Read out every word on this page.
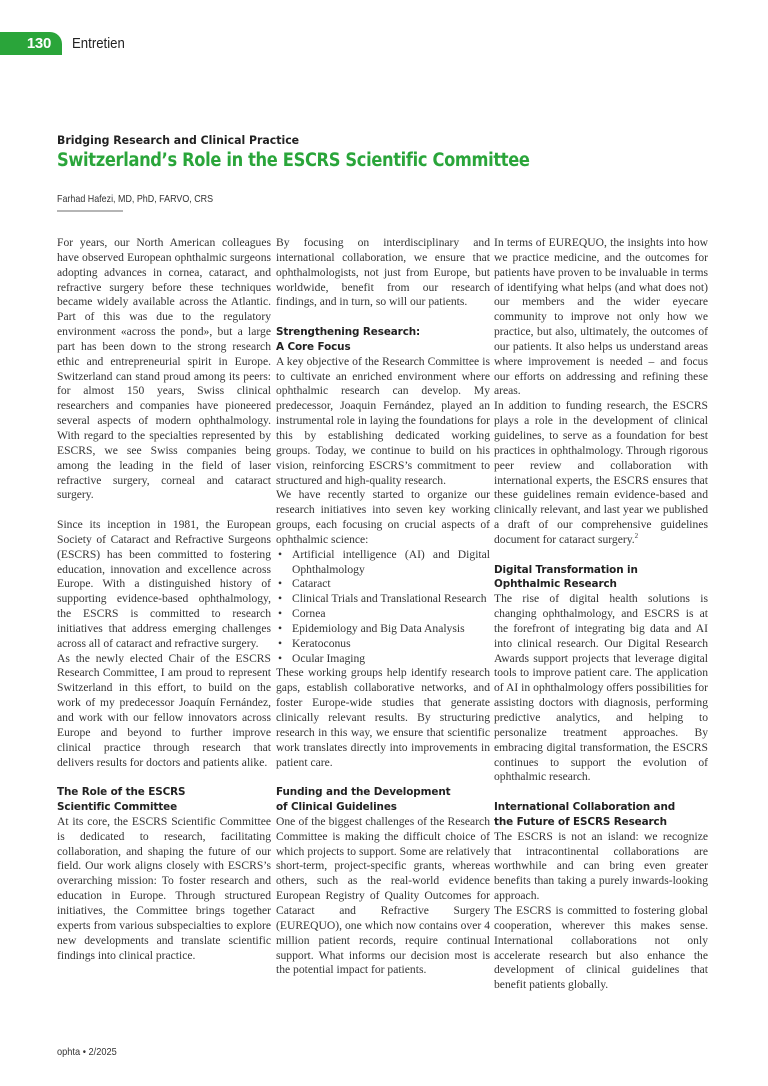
130 Entretien
Bridging Research and Clinical Practice
Switzerland’s Role in the ESCRS Scientific Committee
Farhad Hafezi, MD, PhD, FARVO, CRS

For years, our North American colleagues have observed European ophthalmic surgeons adopting advances in cornea, cataract, and refractive surgery before these techniques became widely available across the Atlantic. Part of this was due to the regulatory environment «across the pond», but a large part has been down to the strong research ethic and entrepreneurial spirit in Europe. Switzerland can stand proud among its peers: for almost 150 years, Swiss clinical researchers and companies have pioneered several aspects of modern ophthalmology. With regard to the specialties represented by ESCRS, we see Swiss companies being among the leading in the field of laser refractive surgery, corneal and cataract surgery.

Since its inception in 1981, the European Society of Cataract and Refractive Surgeons (ESCRS) has been committed to fostering education, innovation and excellence across Europe. With a distinguished history of supporting evidence-based ophthalmology, the ESCRS is committed to research initiatives that address emerging challenges across all of cataract and refractive surgery.

As the newly elected Chair of the ESCRS Research Committee, I am proud to represent Switzerland in this effort, to build on the work of my predecessor Joaquín Fernández, and work with our fellow innovators across Europe and beyond to further improve clinical practice through research that delivers results for doctors and patients alike.

The Role of the ESCRS
Scientific Committee

At its core, the ESCRS Scientific Committee is dedicated to research, facilitating collaboration, and shaping the future of our field. Our work aligns closely with ESCRS’s overarching mission: To foster research and education in Europe. Through structured initiatives, the Committee brings together experts from various subspecialties to explore new developments and translate scientific findings into clinical practice.

By focusing on interdisciplinary and international collaboration, we ensure that ophthalmologists, not just from Europe, but worldwide, benefit from our research findings, and in turn, so will our patients.

Strengthening Research:
A Core Focus

A key objective of the Research Committee is to cultivate an enriched environment where ophthalmic research can develop. My predecessor, Joaquin Fernández, played an instrumental role in laying the foundations for this by establishing dedicated working groups. Today, we continue to build on his vision, reinforcing ESCRS’s commitment to structured and high-quality research.

We have recently started to organize our research initiatives into seven key working groups, each focusing on crucial aspects of ophthalmic science:

• Artificial intelligence (AI) and Digital Ophthalmology
• Cataract
• Clinical Trials and Translational Research
• Cornea
• Epidemiology and Big Data Analysis
• Keratoconus
• Ocular Imaging

These working groups help identify research gaps, establish collaborative networks, and foster Europe-wide studies that generate clinically relevant results. By structuring research in this way, we ensure that scientific work translates directly into improvements in patient care.

Funding and the Development
of Clinical Guidelines

One of the biggest challenges of the Research Committee is making the difficult choice of which projects to support. Some are relatively short-term, project-specific grants, whereas others, such as the real-world evidence European Registry of Quality Outcomes for Cataract and Refractive Surgery (EUREQUO), one which now contains over 4 million patient records, require continual support. What informs our decision most is the potential impact for patients.

In terms of EUREQUO, the insights into how we practice medicine, and the outcomes for patients have proven to be invaluable in terms of identifying what helps (and what does not) our members and the wider eyecare community to improve not only how we practice, but also, ultimately, the outcomes of our patients. It also helps us understand areas where improvement is needed – and focus our efforts on addressing and refining these areas.

In addition to funding research, the ESCRS plays a role in the development of clinical guidelines, to serve as a foundation for best practices in ophthalmology. Through rigorous peer review and collaboration with international experts, the ESCRS ensures that these guidelines remain evidence-based and clinically relevant, and last year we published a draft of our comprehensive guidelines document for cataract surgery.$^2$

Digital Transformation in
Ophthalmic Research

The rise of digital health solutions is changing ophthalmology, and ESCRS is at the forefront of integrating big data and AI into clinical research. Our Digital Research Awards support projects that leverage digital tools to improve patient care. The application of AI in ophthalmology offers possibilities for assisting doctors with diagnosis, performing predictive analytics, and helping to personalize treatment approaches. By embracing digital transformation, the ESCRS continues to support the evolution of ophthalmic research.

International Collaboration and
the Future of ESCRS Research

The ESCRS is not an island: we recognize that intracontinental collaborations are worthwhile and can bring even greater benefits than taking a purely inwards-looking approach.

The ESCRS is committed to fostering global cooperation, wherever this makes sense. International collaborations not only accelerate research but also enhance the development of clinical guidelines that benefit patients globally.

ophta • 2/2025
